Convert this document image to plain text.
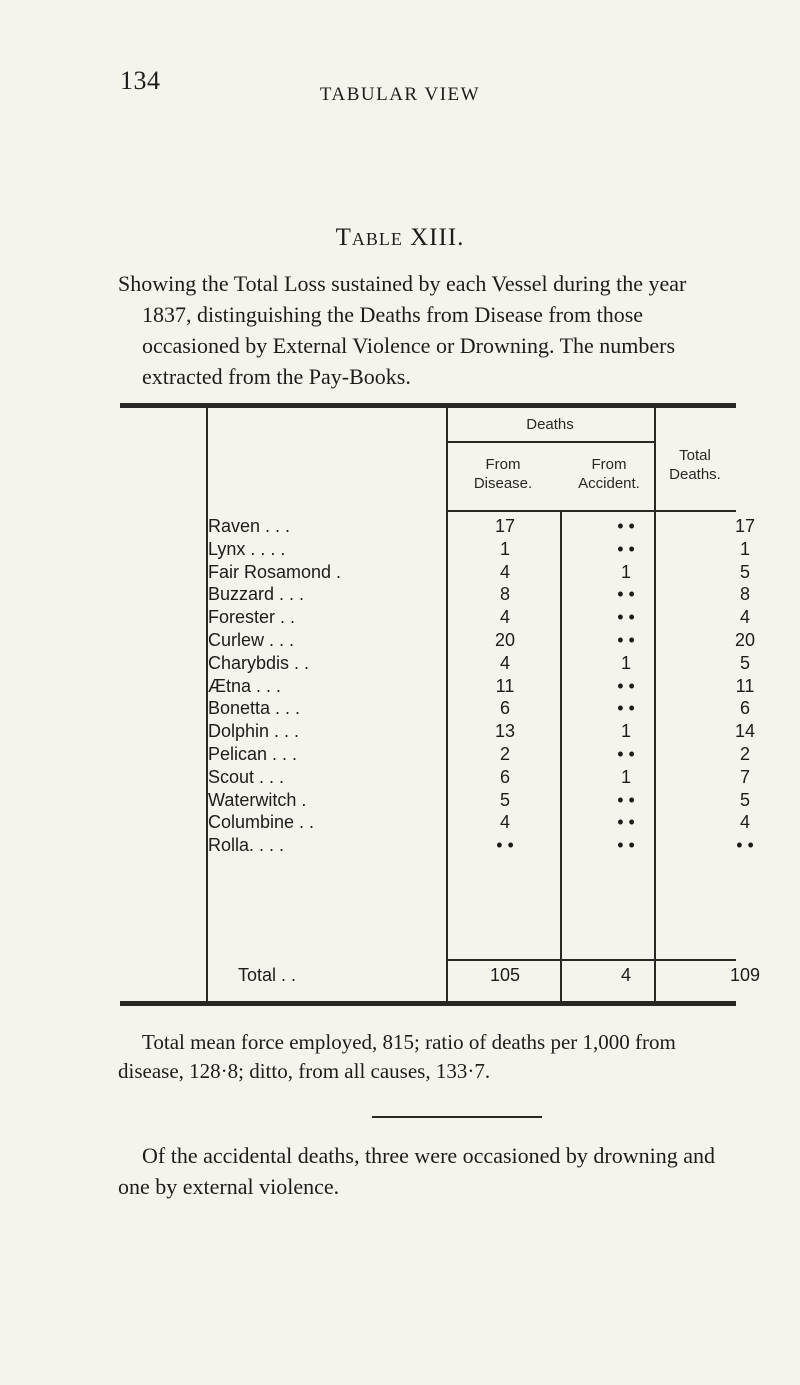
134	TABULAR VIEW
Table XIII.
Showing the Total Loss sustained by each Vessel during the year 1837, distinguishing the Deaths from Disease from those occasioned by External Violence or Drowning. The numbers extracted from the Pay-Books.
Deaths
From Disease.
From Accident.
Total Deaths.
Raven . . .	17	• •	17
Lynx . . . .	1	• •	1
Fair Rosamond .	4	1	5
Buzzard . . .	8	• •	8
Forester . .	4	• •	4
Curlew . . .	20	• •	20
Charybdis . .	4	1	5
Ætna . . .	11	• •	11
Bonetta . . .	6	• •	6
Dolphin . . .	13	1	14
Pelican . . .	2	• •	2
Scout . . .	6	1	7
Waterwitch .	5	• •	5
Columbine . .	4	• •	4
Rolla. . . .	• •	• •	• •
Total . .	105	4	109
Total mean force employed, 815; ratio of deaths per 1,000 from disease, 128·8; ditto, from all causes, 133·7.
Of the accidental deaths, three were occasioned by drowning and one by external violence.
